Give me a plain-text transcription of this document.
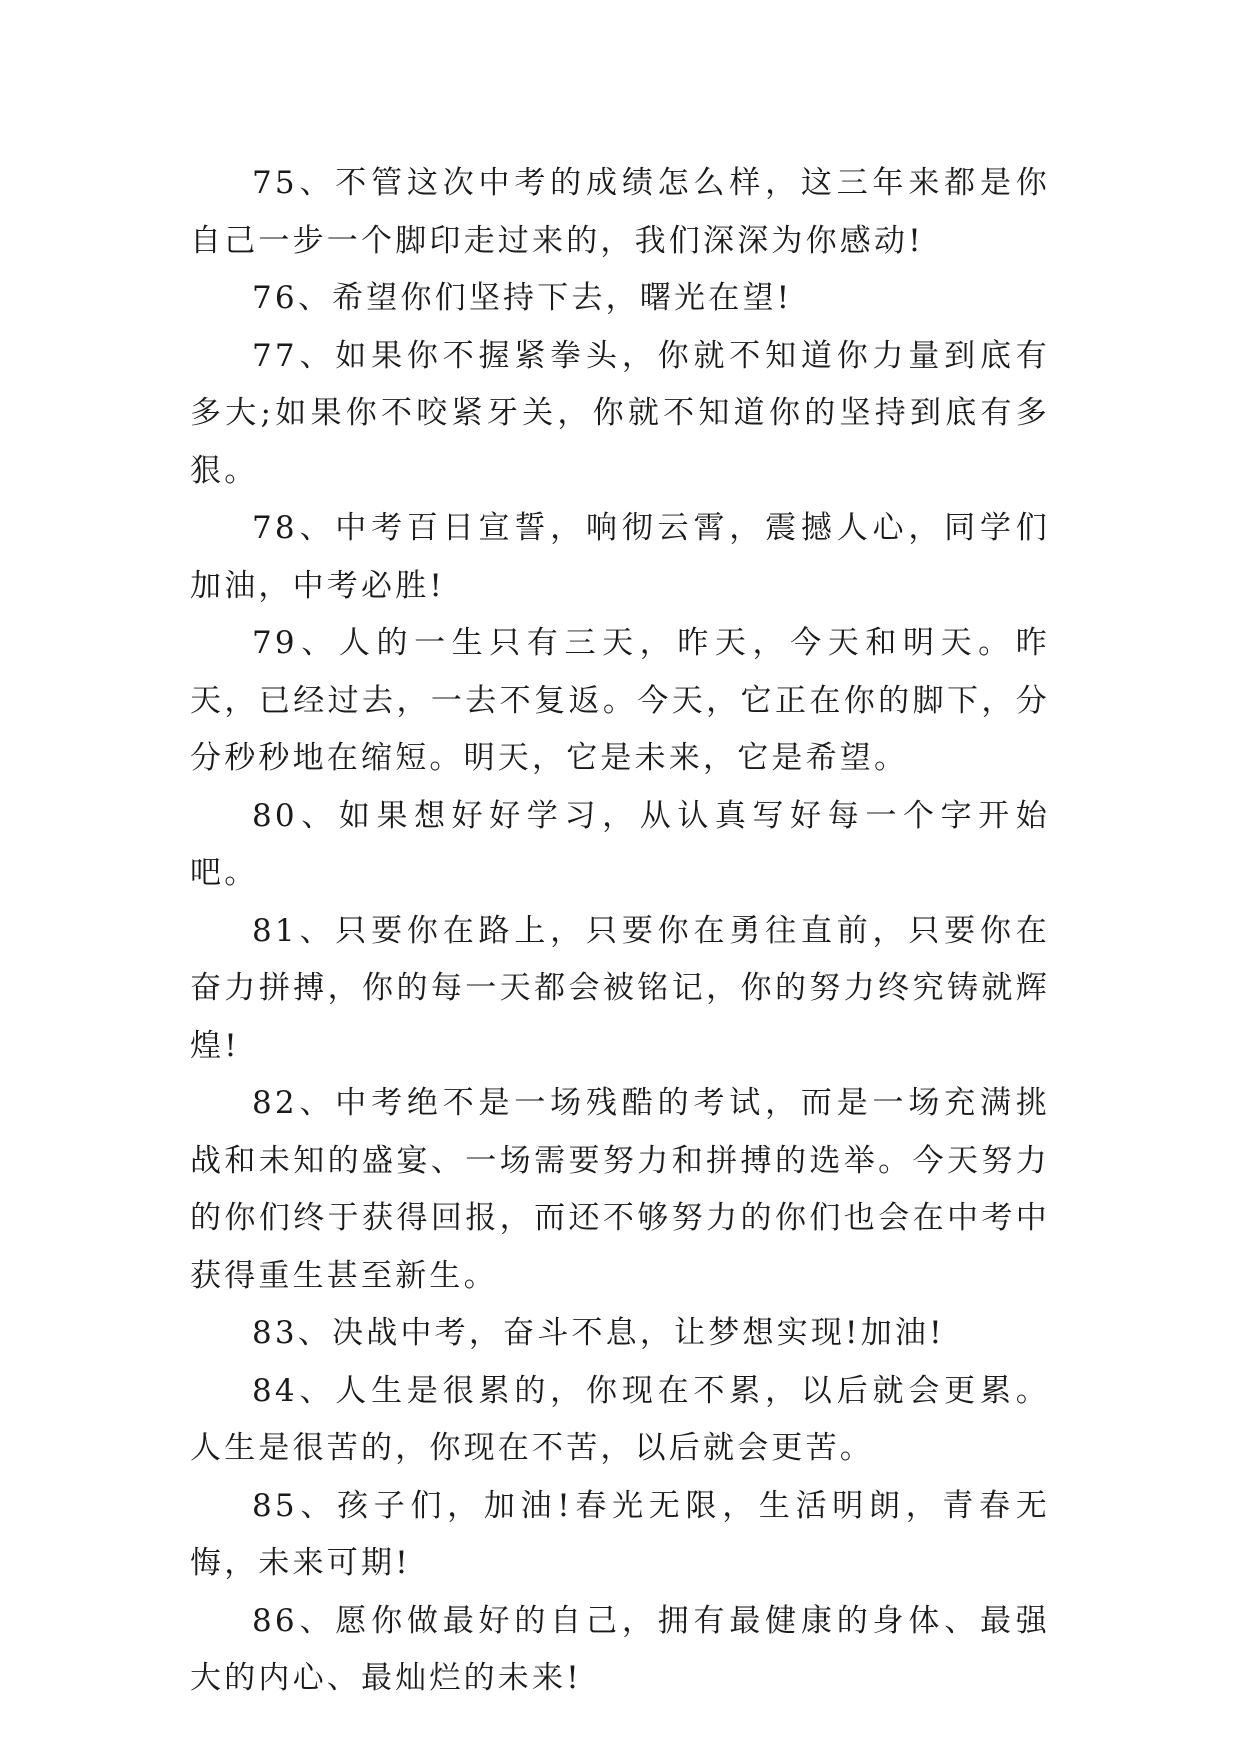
75、不管这次中考的成绩怎么样，这三年来都是你自己一步一个脚印走过来的，我们深深为你感动!

76、希望你们坚持下去，曙光在望!

77、如果你不握紧拳头，你就不知道你力量到底有多大;如果你不咬紧牙关，你就不知道你的坚持到底有多狠。

78、中考百日宣誓，响彻云霄，震撼人心，同学们加油，中考必胜!

79、人的一生只有三天，昨天，今天和明天。昨天，已经过去，一去不复返。今天，它正在你的脚下，分分秒秒地在缩短。明天，它是未来，它是希望。

80、如果想好好学习，从认真写好每一个字开始吧。

81、只要你在路上，只要你在勇往直前，只要你在奋力拼搏，你的每一天都会被铭记，你的努力终究铸就辉煌!

82、中考绝不是一场残酷的考试，而是一场充满挑战和未知的盛宴、一场需要努力和拼搏的选举。今天努力的你们终于获得回报，而还不够努力的你们也会在中考中获得重生甚至新生。

83、决战中考，奋斗不息，让梦想实现!加油!

84、人生是很累的，你现在不累，以后就会更累。人生是很苦的，你现在不苦，以后就会更苦。

85、孩子们，加油!春光无限，生活明朗，青春无悔，未来可期!

86、愿你做最好的自己，拥有最健康的身体、最强大的内心、最灿烂的未来!
